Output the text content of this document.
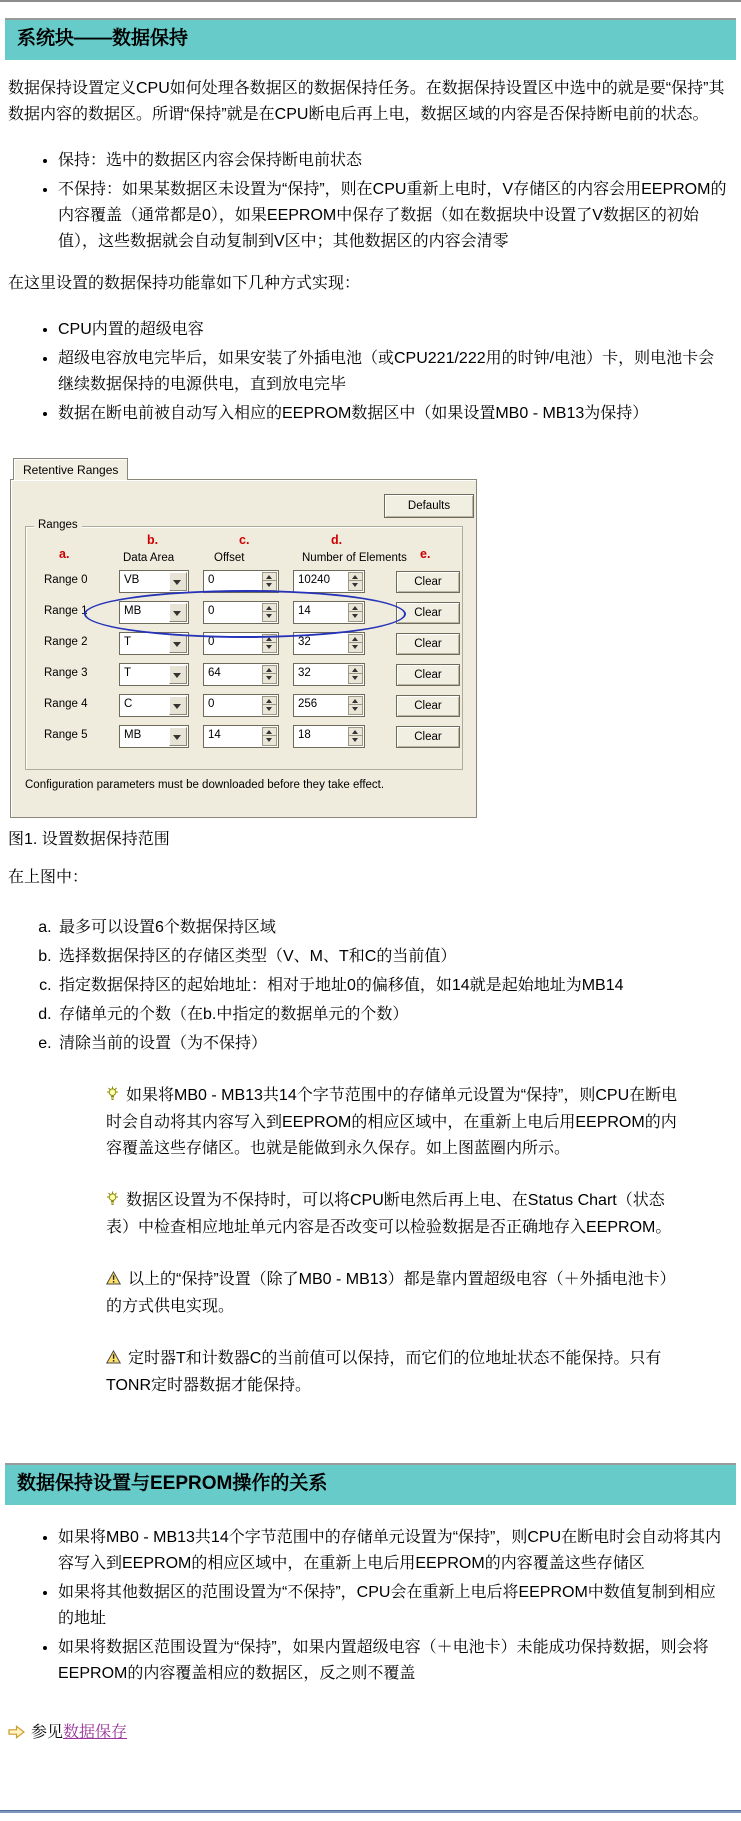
系统块——数据保持

数据保持设置定义CPU如何处理各数据区的数据保持任务。在数据保持设置区中选中的就是要“保持”其数据内容的数据区。所谓“保持”就是在CPU断电后再上电，数据区域的内容是否保持断电前的状态。

• 保持：选中的数据区内容会保持断电前状态
• 不保持：如果某数据区未设置为“保持”，则在CPU重新上电时，V存储区的内容会用EEPROM的内容覆盖（通常都是0），如果EEPROM中保存了数据（如在数据块中设置了V数据区的初始值），这些数据就会自动复制到V区中；其他数据区的内容会清零

在这里设置的数据保持功能靠如下几种方式实现：

• CPU内置的超级电容
• 超级电容放电完毕后，如果安装了外插电池（或CPU221/222用的时钟/电池）卡，则电池卡会继续数据保持的电源供电，直到放电完毕
• 数据在断电前被自动写入相应的EEPROM数据区中（如果设置MB0 - MB13为保持）
Retentive Ranges
Defaults
Ranges
a.
b.	c.	d.
e.
Data Area	Offset	Number of Elements
Range 0	VB	0	10240	Clear
Range 1	MB	0	14	Clear
Range 2	T	0	32	Clear
Range 3	T	64	32	Clear
Range 4	C	0	256	Clear
Range 5	MB	14	18	Clear
Configuration parameters must be downloaded before they take effect.

图1. 设置数据保持范围

在上图中：

a. 最多可以设置6个数据保持区域
b. 选择数据保持区的存储区类型（V、M、T和C的当前值）
c. 指定数据保持区的起始地址：相对于地址0的偏移值，如14就是起始地址为MB14
d. 存储单元的个数（在b.中指定的数据单元的个数）
e. 清除当前的设置（为不保持）
如果将MB0 - MB13共14个字节范围中的存储单元设置为“保持”，则CPU在断电时会自动将其内容写入到EEPROM的相应区域中，在重新上电后用EEPROM的内容覆盖这些存储区。也就是能做到永久保存。如上图蓝圈内所示。
数据区设置为不保持时，可以将CPU断电然后再上电、在Status Chart（状态表）中检查相应地址单元内容是否改变可以检验数据是否正确地存入EEPROM。
以上的“保持”设置（除了MB0 - MB13）都是靠内置超级电容（＋外插电池卡）的方式供电实现。
定时器T和计数器C的当前值可以保持，而它们的位地址状态不能保持。只有TONR定时器数据才能保持。
数据保持设置与EEPROM操作的关系
• 如果将MB0 - MB13共14个字节范围中的存储单元设置为“保持”，则CPU在断电时会自动将其内容写入到EEPROM的相应区域中，在重新上电后用EEPROM的内容覆盖这些存储区
• 如果将其他数据区的范围设置为“不保持”，CPU会在重新上电后将EEPROM中数值复制到相应的地址
• 如果将数据区范围设置为“保持”，如果内置超级电容（＋电池卡）未能成功保持数据，则会将EEPROM的内容覆盖相应的数据区，反之则不覆盖
参见数据保存
